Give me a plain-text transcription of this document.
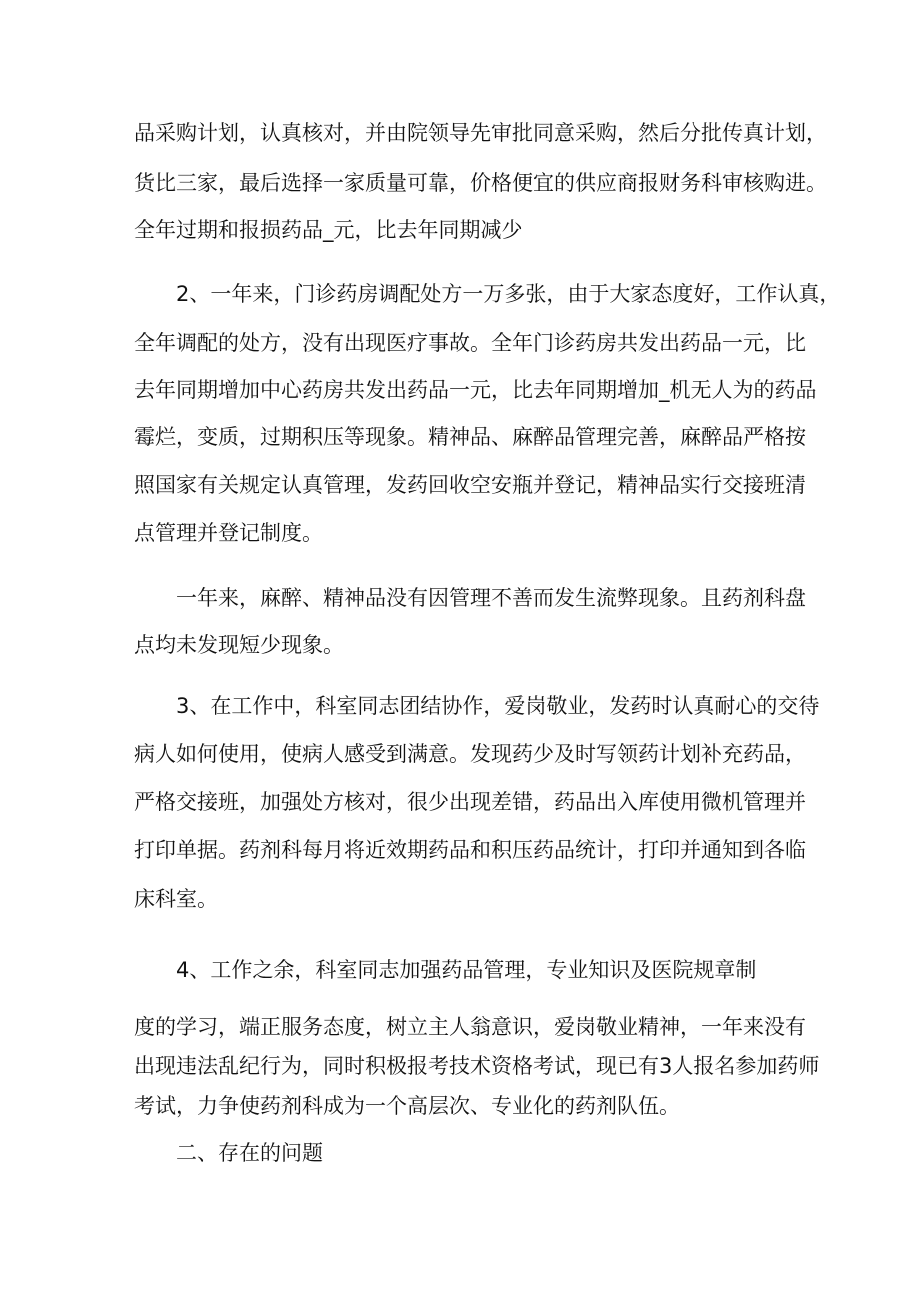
品采购计划，认真核对，并由院领导先审批同意采购，然后分批传真计划，
货比三家，最后选择一家质量可靠，价格便宜的供应商报财务科审核购进。
全年过期和报损药品_元，比去年同期减少
2、一年来，门诊药房调配处方一万多张，由于大家态度好，工作认真，
全年调配的处方，没有出现医疗事故。全年门诊药房共发出药品一元，比
去年同期增加中心药房共发出药品一元，比去年同期增加_机无人为的药品
霉烂，变质，过期积压等现象。精神品、麻醉品管理完善，麻醉品严格按
照国家有关规定认真管理，发药回收空安瓶并登记，精神品实行交接班清
点管理并登记制度。
一年来，麻醉、精神品没有因管理不善而发生流弊现象。且药剂科盘
点均未发现短少现象。
3、在工作中，科室同志团结协作，爱岗敬业，发药时认真耐心的交待
病人如何使用，使病人感受到满意。发现药少及时写领药计划补充药品，
严格交接班，加强处方核对，很少出现差错，药品出入库使用微机管理并
打印单据。药剂科每月将近效期药品和积压药品统计，打印并通知到各临
床科室。
4、工作之余，科室同志加强药品管理，专业知识及医院规章制
度的学习，端正服务态度，树立主人翁意识，爱岗敬业精神，一年来没有
出现违法乱纪行为，同时积极报考技术资格考试，现已有3人报名参加药师
考试，力争使药剂科成为一个高层次、专业化的药剂队伍。
二、存在的问题
